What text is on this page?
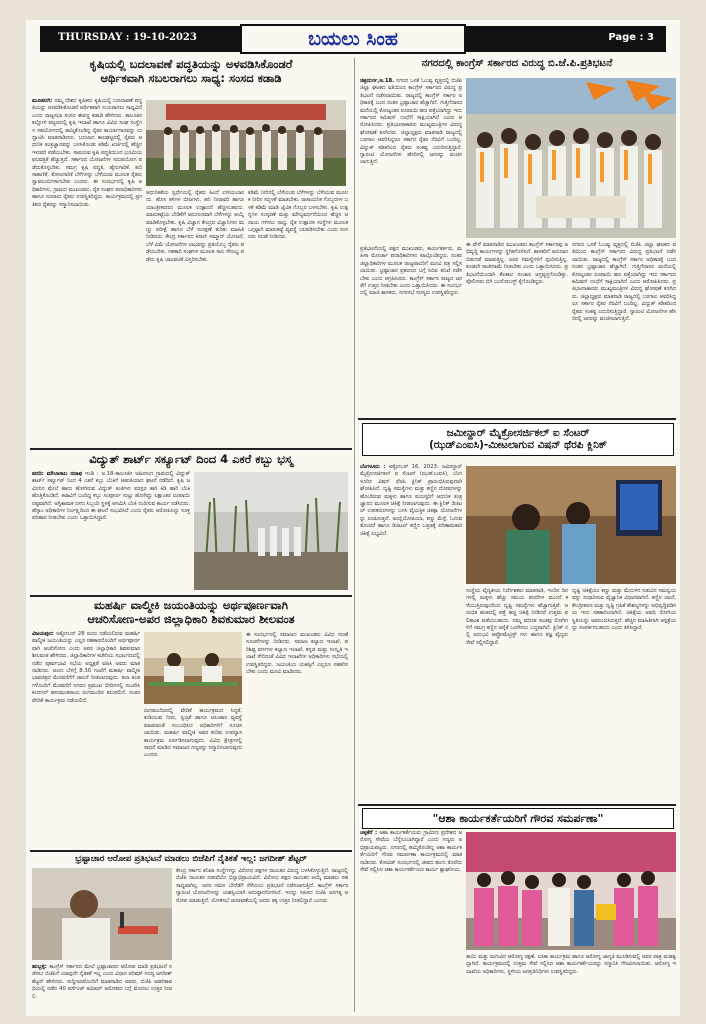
THURSDAY : 19-10-2023	ಬಯಲು ಸಿಂಹ	Page : 3
ಕೃಷಿಯಲ್ಲಿ ಬದಲಾವಣೆ ಪದ್ಧತಿಯನ್ನು ಅಳವಡಿಸಿಕೊಂಡರೆ
ಆರ್ಥಿಕವಾಗಿ ಸಬಲರಾಗಲು ಸಾಧ್ಯ: ಸಂಸದ ಕಡಾಡಿ
ಮೂಡಲಗಿ: ನಮ್ಮ ದೇಶದ ಕೃಷಿಕರು ಕೃಷಿಯಲ್ಲಿ ಬದಲಾವಣೆ ಪದ್ಧತಿಯನ್ನು ಅಳವಡಿಸಿಕೊಂಡರೆ ಆರ್ಥಿಕವಾಗಿ ಸಬಲರಾಗಲು ಸಾಧ್ಯವಿದೆ ಎಂದು ರಾಜ್ಯಸಭಾ ಸಂಸದ ಈರಣ್ಣ ಕಡಾಡಿ ಹೇಳಿದರು. ತಾಲೂಕಿನ ಕಲ್ಲೋಳಿ ಪಟ್ಟಣದಲ್ಲಿ ಕೃಷಿ ಇಲಾಖೆ ಹಾಗೂ ವಿವಿಧ ಸಂಘ ಸಂಸ್ಥೆಗಳ ಸಹಯೋಗದಲ್ಲಿ ಹಮ್ಮಿಕೊಂಡಿದ್ದ ರೈತರ ಕಾರ್ಯಾಗಾರವನ್ನು ಉದ್ಘಾಟಿಸಿ ಮಾತನಾಡಿದರು. ಬದಲಾದ ಕಾಲಘಟ್ಟದಲ್ಲಿ ರೈತರು ಆಧುನಿಕ ತಂತ್ರಜ್ಞಾನವನ್ನು ಬಳಸಿಕೊಂಡು ಕಡಿಮೆ ಖರ್ಚಿನಲ್ಲಿ ಹೆಚ್ಚಿನ ಇಳುವರಿ ಪಡೆಯಬೇಕು. ಸಾವಯವ ಕೃಷಿ ಪದ್ಧತಿಯಿಂದ ಭೂಮಿಯ ಫಲವತ್ತತೆ ಹೆಚ್ಚುತ್ತದೆ. ಸರ್ಕಾರದ ಯೋಜನೆಗಳ ಸದುಪಯೋಗ ಪಡೆದುಕೊಳ್ಳಬೇಕು. ಸಮಗ್ರ ಕೃಷಿ ಪದ್ಧತಿ, ಹೈನುಗಾರಿಕೆ, ಕುರಿ ಸಾಕಾಣಿಕೆ, ತೋಟಗಾರಿಕೆ ಬೆಳೆಗಳನ್ನು ಬೆಳೆಯುವ ಮೂಲಕ ರೈತರು ಸ್ವಾವಲಂಬಿಗಳಾಗಬೇಕು ಎಂದರು. ಈ ಸಂದರ್ಭದಲ್ಲಿ ಕೃಷಿ ಅಧಿಕಾರಿಗಳು, ಗ್ರಾಮದ ಮುಖಂಡರು, ರೈತ ಸಂಘದ ಪದಾಧಿಕಾರಿಗಳು ಹಾಗೂ ನೂರಾರು ರೈತರು ಉಪಸ್ಥಿತರಿದ್ದರು. ಕಾರ್ಯಕ್ರಮದಲ್ಲಿ ಪ್ರಗತಿಪರ ರೈತರನ್ನು ಸನ್ಮಾನಿಸಲಾಯಿತು.
ಆಧುನಿಕತೆಯ ಸ್ವರ್ಧೆಯಲ್ಲಿ ರೈತರು ಹಿಂದೆ ಉಳಿಯಬಾರದು. ಹೊಸ ತಳಿಗಳ ಬೀಜಗಳು, ಹನಿ ನೀರಾವರಿ ಹಾಗೂ ಯಾಂತ್ರೀಕರಣದ ಮೂಲಕ ಉತ್ಪಾದನೆ ಹೆಚ್ಚಿಸಬಹುದು. ಮಾರುಕಟ್ಟೆಯ ಬೇಡಿಕೆಗೆ ಅನುಗುಣವಾಗಿ ಬೆಳೆಗಳನ್ನು ಆಯ್ಕೆ ಮಾಡಿಕೊಳ್ಳಬೇಕು. ಕೃಷಿ ವಿಜ್ಞಾನ ಕೇಂದ್ರದ ವಿಜ್ಞಾನಿಗಳು ಮಣ್ಣು ಪರೀಕ್ಷೆ ಹಾಗೂ ಬೆಳೆ ಸಂರಕ್ಷಣೆ ಕುರಿತು ಮಾಹಿತಿ ನೀಡಿದರು. ಕೇಂದ್ರ ಸರ್ಕಾರದ ಕಿಸಾನ್ ಸಮ್ಮಾನ್ ಯೋಜನೆ, ಬೆಳೆ ವಿಮೆ ಯೋಜನೆಗಳ ಲಾಭವನ್ನು ಪ್ರತಿಯೊಬ್ಬ ರೈತರು ಪಡೆಯಬೇಕು. ಸಹಕಾರಿ ಸಂಘಗಳ ಮೂಲಕ ಸಾಲ ಸೌಲಭ್ಯ ಪಡೆದು ಕೃಷಿ ಚಟುವಟಿಕೆ ವಿಸ್ತರಿಸಬೇಕು.
ಕಡಿಮೆ ನೀರಿನಲ್ಲಿ ಬೆಳೆಯುವ ಬೆಳೆಗಳನ್ನು ಬೆಳೆಯುವ ಮೂಲಕ ನೀರಿನ ಸದ್ಬಳಕೆ ಮಾಡಬೇಕು. ರಾಸಾಯನಿಕ ಗೊಬ್ಬರಗಳ ಬಳಕೆ ಕಡಿಮೆ ಮಾಡಿ ಜೈವಿಕ ಗೊಬ್ಬರ ಬಳಸಬೇಕು. ಕೃಷಿ ಉತ್ಪನ್ನಗಳ ಸಂಸ್ಕರಣೆ ಮತ್ತು ಮೌಲ್ಯವರ್ಧನೆಯಿಂದ ಹೆಚ್ಚಿನ ಆದಾಯ ಗಳಿಸಲು ಸಾಧ್ಯ. ರೈತ ಉತ್ಪಾದಕ ಸಂಸ್ಥೆಗಳ ಮೂಲಕ ಒಗ್ಗಟ್ಟಾಗಿ ಮಾರುಕಟ್ಟೆ ವ್ಯವಸ್ಥೆ ಬಲಪಡಿಸಬೇಕು ಎಂದು ಸಂಸದರು ಸಲಹೆ ನೀಡಿದರು.
ವಿದ್ಯುತ್ ಶಾರ್ಟ್ ಸರ್ಕ್ಯೂಟ್ ದಿಂದ 4 ಎಕರೆ ಕಬ್ಬು ಭಸ್ಮ
ವರದಿ: ಮೌಲಾಸಾಬ ನದಾಫ ಇಂಡಿ : ಅ.18-ತಾಲೂಕಿನ ಅಹಿರಸಂಗ ಗ್ರಾಮದಲ್ಲಿ ವಿದ್ಯುತ್ ಶಾರ್ಟ್ ಸರ್ಕ್ಯೂಟ್ ನಿಂದ 4 ಎಕರೆ ಕಬ್ಬು ಬೆಂಕಿಗೆ ಆಹುತಿಯಾದ ಘಟನೆ ನಡೆದಿದೆ. ಕೃಷಿ ಜಮೀನಿನ ಮೇಲೆ ಹಾದು ಹೋಗಿರುವ ವಿದ್ಯುತ್ ತಂತಿಗಳು ಪರಸ್ಪರ ತಾಗಿ ಕಿಡಿ ಹಾರಿ ಬೆಂಕಿ ಹೊತ್ತಿಕೊಂಡಿದೆ. ಕಟಾವಿಗೆ ಬಂದಿದ್ದ ಕಬ್ಬು ಸಂಪೂರ್ಣ ಸುಟ್ಟು ಹೋಗಿದ್ದು ಲಕ್ಷಾಂತರ ರೂಪಾಯಿ ನಷ್ಟವಾಗಿದೆ. ಅಗ್ನಿಶಾಮಕ ದಳದ ಸಿಬ್ಬಂದಿ ಸ್ಥಳಕ್ಕೆ ಆಗಮಿಸಿ ಬೆಂಕಿ ನಂದಿಸುವ ಕಾರ್ಯ ನಡೆಸಿದರು. ಹೆಸ್ಕಾಂ ಅಧಿಕಾರಿಗಳ ನಿರ್ಲಕ್ಷ್ಯದಿಂದ ಈ ಘಟನೆ ಸಂಭವಿಸಿದೆ ಎಂದು ರೈತರು ಆರೋಪಿಸಿದ್ದು ಸೂಕ್ತ ಪರಿಹಾರ ನೀಡಬೇಕು ಎಂದು ಒತ್ತಾಯಿಸಿದ್ದಾರೆ.
ಮಹರ್ಷಿ ವಾಲ್ಮೀಕಿ ಜಯಂತಿಯನ್ನು ಅರ್ಥಪೂರ್ಣವಾಗಿ
ಆಚರಿಸೋಣ-ಅಪರ ಜಿಲ್ಲಾಧಿಕಾರಿ ಶಿವಕುಮಾರ ಶೀಲವಂತ
ವಿಜಯಪುರ: ಅಕ್ಟೋಬರ್ 28 ರಂದು ನಡೆಯಲಿರುವ ಮಹರ್ಷಿ ವಾಲ್ಮೀಕಿ ಜಯಂತಿಯನ್ನು ಎಲ್ಲರ ಸಹಕಾರದೊಂದಿಗೆ ಅರ್ಥಪೂರ್ಣವಾಗಿ ಆಚರಿಸೋಣ ಎಂದು ಅಪರ ಜಿಲ್ಲಾಧಿಕಾರಿ ಶಿವಕುಮಾರ ಶೀಲವಂತ ಹೇಳಿದರು. ಜಿಲ್ಲಾಧಿಕಾರಿಗಳ ಕಚೇರಿಯ ಸಭಾಂಗಣದಲ್ಲಿ ನಡೆದ ಪೂರ್ವಭಾವಿ ಸಭೆಯ ಅಧ್ಯಕ್ಷತೆ ವಹಿಸಿ ಅವರು ಮಾತನಾಡಿದರು. ಅಂದು ಬೆಳಿಗ್ಗೆ 8.30 ಗಂಟೆಗೆ ಮಹರ್ಷಿ ವಾಲ್ಮೀಕಿ ಭಾವಚಿತ್ರದ ಮೆರವಣಿಗೆಗೆ ಚಾಲನೆ ನೀಡಲಾಗುವುದು. ಕಲಾ ತಂಡಗಳೊಂದಿಗೆ ಮೆರವಣಿಗೆ ನಗರದ ಪ್ರಮುಖ ಬೀದಿಗಳಲ್ಲಿ ಸಂಚರಿಸಿ ಕಂದಗಲ್ ಹನುಮಂತರಾಯ ರಂಗಮಂದಿರ ತಲುಪಲಿದೆ. ನಂತರ ವೇದಿಕೆ ಕಾರ್ಯಕ್ರಮ ನಡೆಯಲಿದೆ.
ರಂಗಮಂದಿರದಲ್ಲಿ ವೇದಿಕೆ ಕಾರ್ಯಕ್ರಮದ ಸಿದ್ಧತೆ, ಕುಡಿಯುವ ನೀರು, ಸ್ವಚ್ಛತೆ ಹಾಗೂ ಅಲಂಕಾರ ವ್ಯವಸ್ಥೆ ಮಾಡುವಂತೆ ಸಂಬಂಧಿಸಿದ ಅಧಿಕಾರಿಗಳಿಗೆ ಸೂಚಿಸಲಾಯಿತು. ಮಹರ್ಷಿ ವಾಲ್ಮೀಕಿ ಅವರ ಕುರಿತು ಉಪನ್ಯಾಸ ಕಾರ್ಯಕ್ರಮ ಏರ್ಪಡಿಸಲಾಗುವುದು. ವಿವಿಧ ಕ್ಷೇತ್ರಗಳಲ್ಲಿ ಸಾಧನೆ ಮಾಡಿದ ಸಮಾಜದ ಗಣ್ಯರನ್ನು ಸನ್ಮಾನಿಸಲಾಗುವುದು ಎಂದರು.
ಈ ಸಂದರ್ಭದಲ್ಲಿ ಸಮಾಜದ ಮುಖಂಡರು ವಿವಿಧ ಸಲಹೆ ಸೂಚನೆಗಳನ್ನು ನೀಡಿದರು. ಸಮಾಜ ಕಲ್ಯಾಣ ಇಲಾಖೆ, ಪರಿಶಿಷ್ಟ ವರ್ಗಗಳ ಕಲ್ಯಾಣ ಇಲಾಖೆ, ಕನ್ನಡ ಮತ್ತು ಸಂಸ್ಕೃತಿ ಇಲಾಖೆ ಸೇರಿದಂತೆ ವಿವಿಧ ಇಲಾಖೆಗಳ ಅಧಿಕಾರಿಗಳು ಸಭೆಯಲ್ಲಿ ಉಪಸ್ಥಿತರಿದ್ದರು. ಜಯಂತಿಯ ಯಶಸ್ಸಿಗೆ ಎಲ್ಲರೂ ಸಹಕರಿಸಬೇಕು ಎಂದು ಮನವಿ ಮಾಡಿದರು.
ಭ್ರಷ್ಟಾಚಾರ ಆರೋಪ ಪ್ರತಿಭಟನೆ ಮಾಡಲು ಬಿಜೆಪಿಗೆ ನೈತಿಕತೆ ಇಲ್ಲ: ಜಗದೀಶ್ ಶೆಟ್ಟರ್
ಹುಬ್ಬಳ್ಳಿ: ಕಾಂಗ್ರೆಸ್ ಸರ್ಕಾರದ ಮೇಲೆ ಭ್ರಷ್ಟಾಚಾರದ ಆರೋಪ ಮಾಡಿ ಪ್ರತಿಭಟನೆ ನಡೆಸಲು ಬಿಜೆಪಿಗೆ ಯಾವುದೇ ನೈತಿಕತೆ ಇಲ್ಲ ಎಂದು ವಿಧಾನ ಪರಿಷತ್ ಸದಸ್ಯ ಜಗದೀಶ್ ಶೆಟ್ಟರ್ ಹೇಳಿದರು. ಸುದ್ದಿಗಾರರೊಂದಿಗೆ ಮಾತನಾಡಿದ ಅವರು, ಬಿಜೆಪಿ ಆಡಳಿತಾವಧಿಯಲ್ಲಿ ನಡೆದ 40 ಪರ್ಸೆಂಟ್ ಕಮಿಷನ್ ಆರೋಪದ ಬಗ್ಗೆ ಮೊದಲು ಉತ್ತರ ನೀಡಲಿ.
ಕೇಂದ್ರ ಸರ್ಕಾರ ತನಿಖಾ ಸಂಸ್ಥೆಗಳನ್ನು ವಿರೋಧ ಪಕ್ಷಗಳ ನಾಯಕರ ವಿರುದ್ಧ ಬಳಸಿಕೊಳ್ಳುತ್ತಿದೆ. ರಾಜ್ಯದಲ್ಲಿ ಬಿಜೆಪಿ ನಾಯಕರ ನಡುವೆಯೇ ಭಿನ್ನಾಭಿಪ್ರಾಯವಿದೆ. ವಿರೋಧ ಪಕ್ಷದ ನಾಯಕನ ಆಯ್ಕೆ ಮಾಡಲು ಸಹ ಸಾಧ್ಯವಾಗಿಲ್ಲ. ಜನರ ಗಮನ ಬೇರೆಡೆಗೆ ಸೆಳೆಯಲು ಪ್ರತಿಭಟನೆ ನಡೆಸಲಾಗುತ್ತಿದೆ. ಕಾಂಗ್ರೆಸ್ ಸರ್ಕಾರ ಗ್ಯಾರಂಟಿ ಯೋಜನೆಗಳನ್ನು ಯಶಸ್ವಿಯಾಗಿ ಅನುಷ್ಠಾನಗೊಳಿಸಿದೆ. ಇದನ್ನು ಸಹಿಸದ ಬಿಜೆಪಿ ಅನಗತ್ಯ ಆರೋಪ ಮಾಡುತ್ತಿದೆ. ಲೋಕಸಭೆ ಚುನಾವಣೆಯಲ್ಲಿ ಜನರು ತಕ್ಕ ಉತ್ತರ ನೀಡಲಿದ್ದಾರೆ ಎಂದರು.
ನಗರದಲ್ಲಿ ಕಾಂಗ್ರೆಸ್ ಸರ್ಕಾರದ ವಿರುದ್ಧ ಬಿ.ಜೆ.ಪಿ.ಪ್ರತಿಭಟನೆ
ಚಿತ್ರದುರ್ಗ,ಅ.18. ನಗರದ ಒನಕೆ ಓಬವ್ವ ವೃತ್ತದಲ್ಲಿ ಬಿಜೆಪಿ ಜಿಲ್ಲಾ ಘಟಕದ ವತಿಯಿಂದ ಕಾಂಗ್ರೆಸ್ ಸರ್ಕಾರದ ವಿರುದ್ಧ ಪ್ರತಿಭಟನೆ ನಡೆಸಲಾಯಿತು. ರಾಜ್ಯದಲ್ಲಿ ಕಾಂಗ್ರೆಸ್ ಸರ್ಕಾರ ಅಧಿಕಾರಕ್ಕೆ ಬಂದ ನಂತರ ಭ್ರಷ್ಟಾಚಾರ ಹೆಚ್ಚಾಗಿದೆ. ಗುತ್ತಿಗೆದಾರರ ಮನೆಯಲ್ಲಿ ಕೋಟ್ಯಂತರ ರೂಪಾಯಿ ಹಣ ಪತ್ತೆಯಾಗಿದ್ದು ಇದು ಸರ್ಕಾರದ ಕಮಿಷನ್ ದಂಧೆಗೆ ಸಾಕ್ಷಿಯಾಗಿದೆ ಎಂದು ಆರೋಪಿಸಿದರು. ಪ್ರತಿಭಟನಾಕಾರರು ಮುಖ್ಯಮಂತ್ರಿಗಳ ವಿರುದ್ಧ ಘೋಷಣೆ ಕೂಗಿದರು. ಜಿಲ್ಲಾಧ್ಯಕ್ಷರು ಮಾತನಾಡಿ ರಾಜ್ಯದಲ್ಲಿ ಬರಗಾಲ ಆವರಿಸಿದ್ದರೂ ಸರ್ಕಾರ ರೈತರ ನೆರವಿಗೆ ಬಂದಿಲ್ಲ. ವಿದ್ಯುತ್ ಕಡಿತದಿಂದ ರೈತರು ಸಂಕಷ್ಟ ಎದುರಿಸುತ್ತಿದ್ದಾರೆ. ಗ್ಯಾರಂಟಿ ಯೋಜನೆಗಳ ಹೆಸರಿನಲ್ಲಿ ಜನರನ್ನು ವಂಚಿಸಲಾಗುತ್ತಿದೆ.
ಪ್ರತಿಭಟನೆಯಲ್ಲಿ ಪಕ್ಷದ ಮುಖಂಡರು, ಕಾರ್ಯಕರ್ತರು, ಮಹಿಳಾ ಮೋರ್ಚಾ ಪದಾಧಿಕಾರಿಗಳು ಪಾಲ್ಗೊಂಡಿದ್ದರು. ನಂತರ ಜಿಲ್ಲಾಧಿಕಾರಿಗಳ ಮೂಲಕ ರಾಜ್ಯಪಾಲರಿಗೆ ಮನವಿ ಪತ್ರ ಸಲ್ಲಿಸಲಾಯಿತು. ಭ್ರಷ್ಟಾಚಾರ ಪ್ರಕರಣದ ಬಗ್ಗೆ ಸಿಬಿಐ ತನಿಖೆ ನಡೆಸಬೇಕು ಎಂದು ಆಗ್ರಹಿಸಿದರು. ಕಾಂಗ್ರೆಸ್ ಸರ್ಕಾರ ರಾಜ್ಯದ ಜನತೆಗೆ ಉತ್ತರ ನೀಡಬೇಕು ಎಂದು ಒತ್ತಾಯಿಸಿದರು. ಈ ಸಂದರ್ಭದಲ್ಲಿ ಮಾಜಿ ಶಾಸಕರು, ನಗರಸಭೆ ಸದಸ್ಯರು ಉಪಸ್ಥಿತರಿದ್ದರು.
ಈ ವೇಳೆ ಮಾತನಾಡಿದ ಮುಖಂಡರು ಕಾಂಗ್ರೆಸ್ ಸರ್ಕಾರವು ಅಭಿವೃದ್ಧಿ ಕಾರ್ಯಗಳನ್ನು ಸ್ಥಗಿತಗೊಳಿಸಿದೆ. ಶಾಸಕರಿಗೆ ಅನುದಾನ ಬಿಡುಗಡೆ ಮಾಡುತ್ತಿಲ್ಲ. ಜನರ ಸಮಸ್ಯೆಗಳಿಗೆ ಸ್ಪಂದಿಸುತ್ತಿಲ್ಲ. ಕೂಡಲೇ ರಾಜೀನಾಮೆ ನೀಡಬೇಕು ಎಂದು ಒತ್ತಾಯಿಸಿದರು. ಪ್ರತಿಭಟನೆಯಿಂದಾಗಿ ಕೆಲಕಾಲ ಸಂಚಾರ ಅಸ್ತವ್ಯಸ್ತಗೊಂಡಿತ್ತು. ಪೊಲೀಸರು ಬಿಗಿ ಬಂದೋಬಸ್ತ್ ಕೈಗೊಂಡಿದ್ದರು.
ನಗರದ ಒನಕೆ ಓಬವ್ವ ವೃತ್ತದಲ್ಲಿ ಬಿಜೆಪಿ ಜಿಲ್ಲಾ ಘಟಕದ ವತಿಯಿಂದ ಕಾಂಗ್ರೆಸ್ ಸರ್ಕಾರದ ವಿರುದ್ಧ ಪ್ರತಿಭಟನೆ ನಡೆಸಲಾಯಿತು. ರಾಜ್ಯದಲ್ಲಿ ಕಾಂಗ್ರೆಸ್ ಸರ್ಕಾರ ಅಧಿಕಾರಕ್ಕೆ ಬಂದ ನಂತರ ಭ್ರಷ್ಟಾಚಾರ ಹೆಚ್ಚಾಗಿದೆ. ಗುತ್ತಿಗೆದಾರರ ಮನೆಯಲ್ಲಿ ಕೋಟ್ಯಂತರ ರೂಪಾಯಿ ಹಣ ಪತ್ತೆಯಾಗಿದ್ದು ಇದು ಸರ್ಕಾರದ ಕಮಿಷನ್ ದಂಧೆಗೆ ಸಾಕ್ಷಿಯಾಗಿದೆ ಎಂದು ಆರೋಪಿಸಿದರು. ಪ್ರತಿಭಟನಾಕಾರರು ಮುಖ್ಯಮಂತ್ರಿಗಳ ವಿರುದ್ಧ ಘೋಷಣೆ ಕೂಗಿದರು. ಜಿಲ್ಲಾಧ್ಯಕ್ಷರು ಮಾತನಾಡಿ ರಾಜ್ಯದಲ್ಲಿ ಬರಗಾಲ ಆವರಿಸಿದ್ದರೂ ಸರ್ಕಾರ ರೈತರ ನೆರವಿಗೆ ಬಂದಿಲ್ಲ. ವಿದ್ಯುತ್ ಕಡಿತದಿಂದ ರೈತರು ಸಂಕಷ್ಟ ಎದುರಿಸುತ್ತಿದ್ದಾರೆ. ಗ್ಯಾರಂಟಿ ಯೋಜನೆಗಳ ಹೆಸರಿನಲ್ಲಿ ಜನರನ್ನು ವಂಚಿಸಲಾಗುತ್ತಿದೆ.
ಜಮೀನ್ದಾರ್ ಮೈಕ್ರೋಸರ್ಜಿಕಲ್ ಐ ಸೆಂಟರ್
(ಝಡ್ಎಂಐಸಿ)-ಮೀಟಲಾಗುವ ವಿಷನ್ ಥೆರಪಿ ಕ್ಲಿನಿಕ್
ಬೆಂಗಳೂರು : ಅಕ್ಟೋಬರ್ 16, 2023: ಜಮೀನ್ದಾರ್ ಮೈಕ್ರೋಸರ್ಜಿಕಲ್ ಐ ಸೆಂಟರ್ (ಝಡ್ಎಂಐಸಿ), ಬೆಂಗಳೂರಿನ ವಿಷನ್ ಥೆರಪಿ ಕ್ಲಿನಿಕ್ ಪ್ರಾರಂಭಿಸಿರುವುದಾಗಿ ಘೋಷಿಸಿದೆ. ದೃಷ್ಟಿ ಸಮಸ್ಯೆಗಳು ಮತ್ತು ಕಣ್ಣಿನ ದೋಷಗಳನ್ನು ಹೊಂದಿರುವ ಮಕ್ಕಳು ಹಾಗೂ ವಯಸ್ಕರಿಗೆ ಆಧುನಿಕ ತಂತ್ರಜ್ಞಾನದ ಮೂಲಕ ಚಿಕಿತ್ಸೆ ನೀಡಲಾಗುವುದು. ಈ ಕ್ಲಿನಿಕ್ ಡಿಜಿಟಲ್ ಉಪಕರಣಗಳನ್ನು ಬಳಸಿ ವೈಯಕ್ತಿಕ ಚಿಕಿತ್ಸಾ ಯೋಜನೆಗಳನ್ನು ರೂಪಿಸುತ್ತದೆ. ಅಂಬ್ಲಿಯೋಪಿಯಾ, ಕಣ್ಣು ಮೆಳ್ಳೆ, ಓದುವ ತೊಂದರೆ ಹಾಗೂ ಡಿಜಿಟಲ್ ಕಣ್ಣಿನ ಒತ್ತಡಕ್ಕೆ ಪರಿಣಾಮಕಾರಿ ಚಿಕಿತ್ಸೆ ಲಭ್ಯವಿದೆ.
ಸಂಸ್ಥೆಯ ವೈದ್ಯಕೀಯ ನಿರ್ದೇಶಕರು ಮಾತನಾಡಿ, ಇಂದಿನ ದಿನಗಳಲ್ಲಿ ಮಕ್ಕಳು ಹೆಚ್ಚು ಸಮಯ ಪರದೆಗಳ ಮುಂದೆ ಕಳೆಯುತ್ತಿರುವುದರಿಂದ ದೃಷ್ಟಿ ಸಮಸ್ಯೆಗಳು ಹೆಚ್ಚಾಗುತ್ತಿವೆ. ಆರಂಭಿಕ ಹಂತದಲ್ಲಿ ಪತ್ತೆ ಹಚ್ಚಿ ಚಿಕಿತ್ಸೆ ನೀಡಿದರೆ ಉತ್ತಮ ಫಲಿತಾಂಶ ಪಡೆಯಬಹುದು. ನಮ್ಮ ಪರಿಣತ ತಂಡವು ರೋಗಿಗಳಿಗೆ ಸಮಗ್ರ ಕಣ್ಣಿನ ಆರೈಕೆ ಒದಗಿಸಲು ಬದ್ಧವಾಗಿದೆ. ಕ್ಲಿನಿಕ್ ನಲ್ಲಿ ಅನುಭವಿ ಆಪ್ಟೋಮೆಟ್ರಿಸ್ಟ್ ಗಳು ಹಾಗೂ ತಜ್ಞ ವೈದ್ಯರು ಸೇವೆ ಸಲ್ಲಿಸಲಿದ್ದಾರೆ.
ದೃಷ್ಟಿ ಚಿಕಿತ್ಸೆಯು ಕಣ್ಣು ಮತ್ತು ಮೆದುಳಿನ ನಡುವಿನ ಸಮನ್ವಯವನ್ನು ಸುಧಾರಿಸುವ ವೈಜ್ಞಾನಿಕ ವಿಧಾನವಾಗಿದೆ. ಕಣ್ಣಿನ ಚಲನೆ, ಕೇಂದ್ರೀಕರಣ ಮತ್ತು ದೃಷ್ಟಿ ಗ್ರಹಿಕೆ ಕೌಶಲ್ಯಗಳನ್ನು ಅಭಿವೃದ್ಧಿಪಡಿಸಲು ಇದು ಸಹಕಾರಿಯಾಗಿದೆ. ಚಿಕಿತ್ಸೆಯ ಅವಧಿ ರೋಗಿಯ ಸ್ಥಿತಿಯನ್ನು ಅವಲಂಬಿಸಿರುತ್ತದೆ. ಹೆಚ್ಚಿನ ಮಾಹಿತಿಗಾಗಿ ಆಸ್ಪತ್ರೆಯನ್ನು ಸಂಪರ್ಕಿಸಬಹುದು ಎಂದು ತಿಳಿಸಿದ್ದಾರೆ.
"ಆಶಾ ಕಾರ್ಯಕರ್ತೆಯರಿಗೆ ಗೌರವ ಸಮರ್ಪಣಾ"
ಚಳ್ಳಕೆರೆ : ಆಶಾ ಕಾರ್ಯಕರ್ತೆಯರು ಗ್ರಾಮೀಣ ಪ್ರದೇಶದ ಆರೋಗ್ಯ ಸೇವೆಯ ಬೆನ್ನೆಲುಬಾಗಿದ್ದಾರೆ ಎಂದು ಗಣ್ಯರು ಅಭಿಪ್ರಾಯಪಟ್ಟರು. ನಗರದಲ್ಲಿ ಹಮ್ಮಿಕೊಂಡಿದ್ದ ಆಶಾ ಕಾರ್ಯಕರ್ತೆಯರಿಗೆ ಗೌರವ ಸಮರ್ಪಣಾ ಕಾರ್ಯಕ್ರಮದಲ್ಲಿ ಮಾತನಾಡಿದರು. ಕೋವಿಡ್ ಸಂದರ್ಭದಲ್ಲಿ ಜೀವದ ಹಂಗು ತೊರೆದು ಸೇವೆ ಸಲ್ಲಿಸಿದ ಆಶಾ ಕಾರ್ಯಕರ್ತೆಯರ ಕಾರ್ಯ ಶ್ಲಾಘನೀಯ.
ತಾಯಿ ಮತ್ತು ಮಗುವಿನ ಆರೋಗ್ಯ ರಕ್ಷಣೆ, ಲಸಿಕಾ ಕಾರ್ಯಕ್ರಮ ಹಾಗೂ ಆರೋಗ್ಯ ಜಾಗೃತಿ ಮೂಡಿಸುವಲ್ಲಿ ಅವರ ಪಾತ್ರ ಮಹತ್ವದ್ದಾಗಿದೆ. ಕಾರ್ಯಕ್ರಮದಲ್ಲಿ ಉತ್ತಮ ಸೇವೆ ಸಲ್ಲಿಸಿದ ಆಶಾ ಕಾರ್ಯಕರ್ತೆಯರನ್ನು ಸನ್ಮಾನಿಸಿ ಗೌರವಿಸಲಾಯಿತು. ಆರೋಗ್ಯ ಇಲಾಖೆಯ ಅಧಿಕಾರಿಗಳು, ಸ್ಥಳೀಯ ಜನಪ್ರತಿನಿಧಿಗಳು ಉಪಸ್ಥಿತರಿದ್ದರು.
